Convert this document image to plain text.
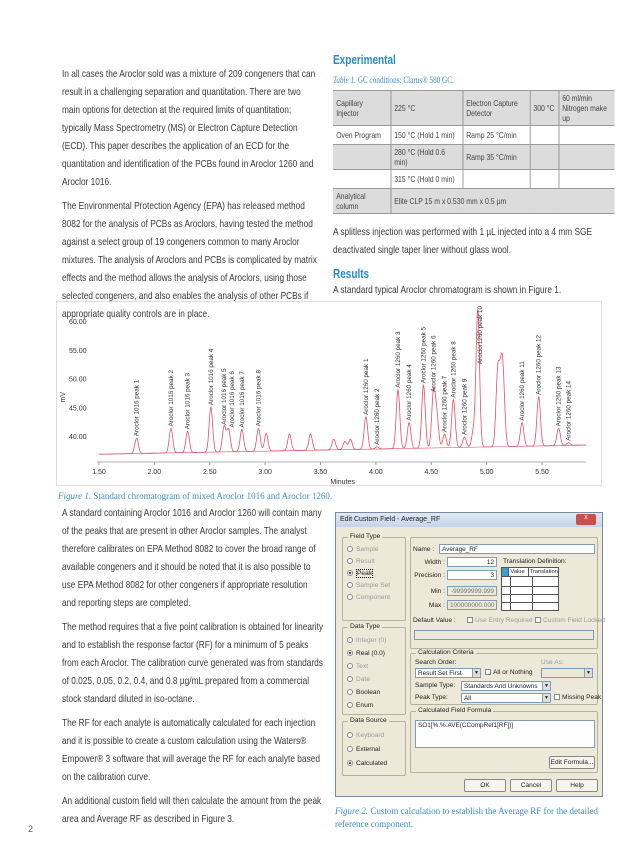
In all cases the Aroclor sold was a mixture of 209 congeners that can result in a challenging separation and quantitation. There are two main options for detection at the required limits of quantitation; typically Mass Spectrometry (MS) or Electron Capture Detection (ECD). This paper describes the application of an ECD for the quantitation and identification of the PCBs found in Aroclor 1260 and Aroclor 1016.

The Environmental Protection Agency (EPA) has released method 8082 for the analysis of PCBs as Aroclors, having tested the method against a select group of 19 congeners common to many Aroclor mixtures. The analysis of Aroclors and PCBs is complicated by matrix effects and the method allows the analysis of Aroclors, using those selected congeners, and also enables the analysis of other PCBs if appropriate quality controls are in place.

Experimental
Table 1. GC conditions: Clarus® 580 GC.
Capillary Injector	225 °C	Electron Capture Detector	300 °C	60 ml/min Nitrogen make up
Oven Program	150 °C (Hold 1 min)	Ramp 25 °C/min		
	280 °C (Hold 0.6 min)	Ramp 35 °C/min		
	315 °C (Hold 0 min)			
Analytical column	Elite CLP 15 m x 0.530 mm x 0.5 µm			

A splitless injection was performed with 1 µL injected into a 4 mm SGE deactivated single taper liner without glass wool.

Results

A standard typical Aroclor chromatogram is shown in Figure 1.

1.50	2.00	2.50	3.00	3.50	4.00	4.50	5.00	5.50
40.00
45.00
50.00
55.00
60.00
Minutes
mV	Aroclor 1016 peak 1	Aroclor 1016 peak 2 Aroclor 1016 peak 3	Aroclor 1016 peak 4 Aroclor 1016 peak 5 Aroclor 1016 peak 6 Aroclor 1016 peak 7 Aroclor 1016 peak 8	Aroclor 1260 peak 1
Aroclor 1260 peak 2
Aroclor 1260 peak 3
Aroclor 1260 peak 4
Aroclor 1260 peak 5 Aroclor 1260 peak 6
Aroclor 1260 peak 7
Aroclor 1260 peak 8
Aroclor 1260 peak 9
Aroclor1260 peak 10
Aroclor 1260 peak 11 Aroclor 1260 peak 12
Aroclor 1260 peak 13 Aroclor 1260 peak 14
Figure 1. Standard chromatogram of mixed Aroclor 1016 and Aroclor 1260.

A standard containing Aroclor 1016 and Aroclor 1260 will contain many of the peaks that are present in other Aroclor samples. The analyst therefore calibrates on EPA Method 8082 to cover the broad range of available congeners and it should be noted that it is also possible to use EPA Method 8082 for other congeners if appropriate resolution and reporting steps are completed.

The method requires that a five point calibration is obtained for linearity and to establish the response factor (RF) for a minimum of 5 peaks from each Aroclor. The calibration curve generated was from standards of 0.025, 0.05, 0.2, 0.4, and 0.8 µg/mL prepared from a commercial stock standard diluted in iso-octane.

The RF for each analyte is automatically calculated for each injection and it is possible to create a custom calculation using the Waters® Empower® 3 software that will average the RF for each analyte based on the calibration curve.

An additional custom field will then calculate the amount from the peak area and Average RF as described in Figure 3.

Edit Custom Field - Average_RF	x
Field Type
Sample
Result
Peak
Sample Set
Component
Data Type
Integer (0)
Real (0.0)
Text
Date
Boolean
Enum
Data Source
Keyboard
External
Calculated
Name :	Average_RF
Width :	12
Precision :	3
Min : -99999999.999
Max : 100000000.000
Translation Definition:
Value Translation
Default Value :	Use Entry Required	Custom Field Locked
Calculation Criteria
Search Order:
Result Set First	▼	All or Nothing
Use As:
▼
Sample Type:	Standards And Unknowns	▼
Peak Type:	All	▼	Missing Peak
Calculated Field Formula
SO1[%.%.AVE(CCompRef1[RF])]
Edit Formula...
OK	Cancel	Help
Figure 2. Custom calculation to establish the Average RF for the detailed reference component.
2
